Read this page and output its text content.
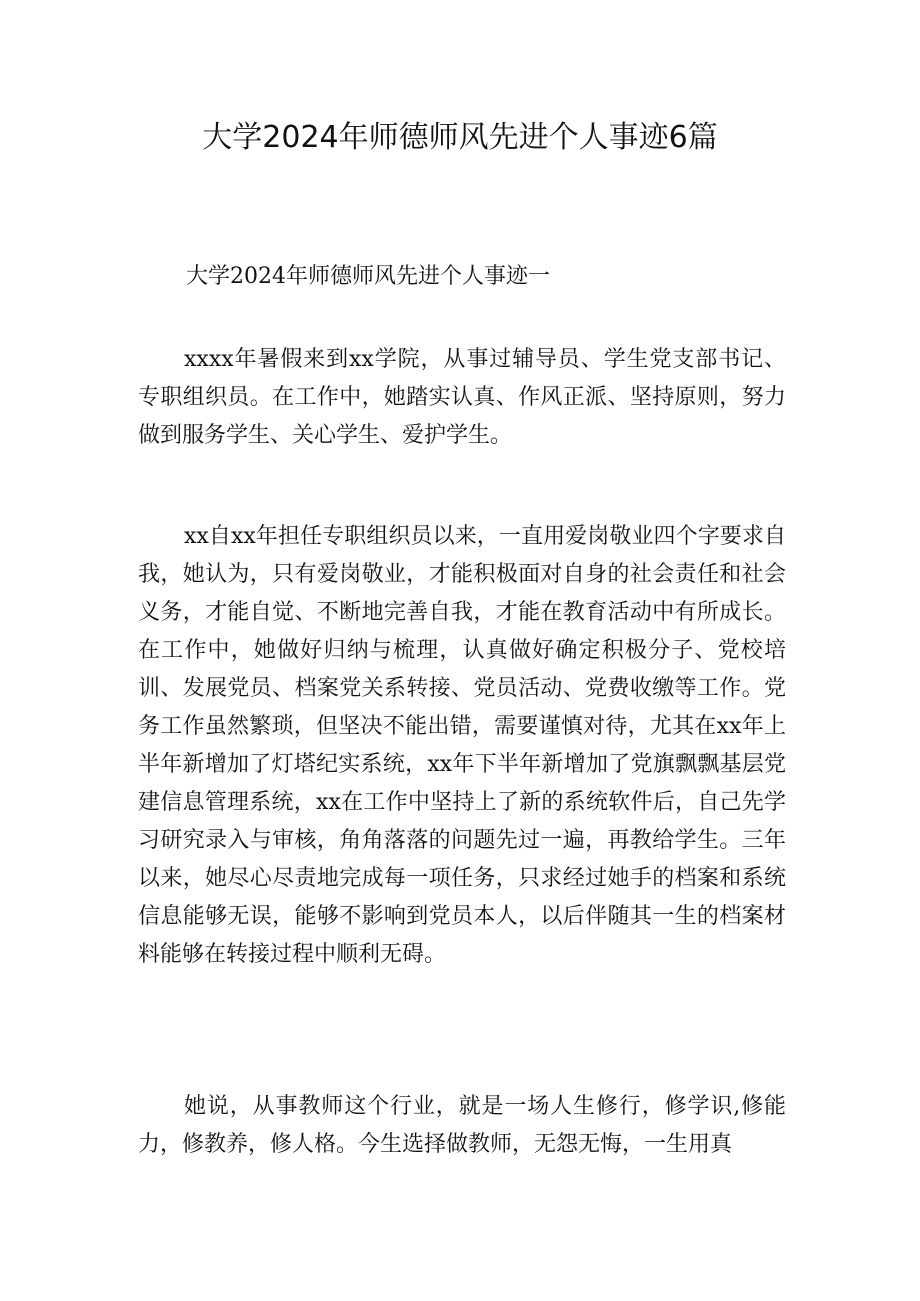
大学2024年师德师风先进个人事迹6篇

大学2024年师德师风先进个人事迹一

xxxx年暑假来到xx学院，从事过辅导员、学生党支部书记、专职组织员。在工作中，她踏实认真、作风正派、坚持原则，努力做到服务学生、关心学生、爱护学生。

xx自xx年担任专职组织员以来，一直用爱岗敬业四个字要求自我，她认为，只有爱岗敬业，才能积极面对自身的社会责任和社会义务，才能自觉、不断地完善自我，才能在教育活动中有所成长。在工作中，她做好归纳与梳理，认真做好确定积极分子、党校培训、发展党员、档案党关系转接、党员活动、党费收缴等工作。党务工作虽然繁琐，但坚决不能出错，需要谨慎对待，尤其在xx年上半年新增加了灯塔纪实系统，xx年下半年新增加了党旗飘飘基层党建信息管理系统，xx在工作中坚持上了新的系统软件后，自己先学习研究录入与审核，角角落落的问题先过一遍，再教给学生。三年以来，她尽心尽责地完成每一项任务，只求经过她手的档案和系统信息能够无误，能够不影响到党员本人，以后伴随其一生的档案材料能够在转接过程中顺利无碍。

她说，从事教师这个行业，就是一场人生修行，修学识,修能力，修教养，修人格。今生选择做教师，无怨无悔，一生用真
